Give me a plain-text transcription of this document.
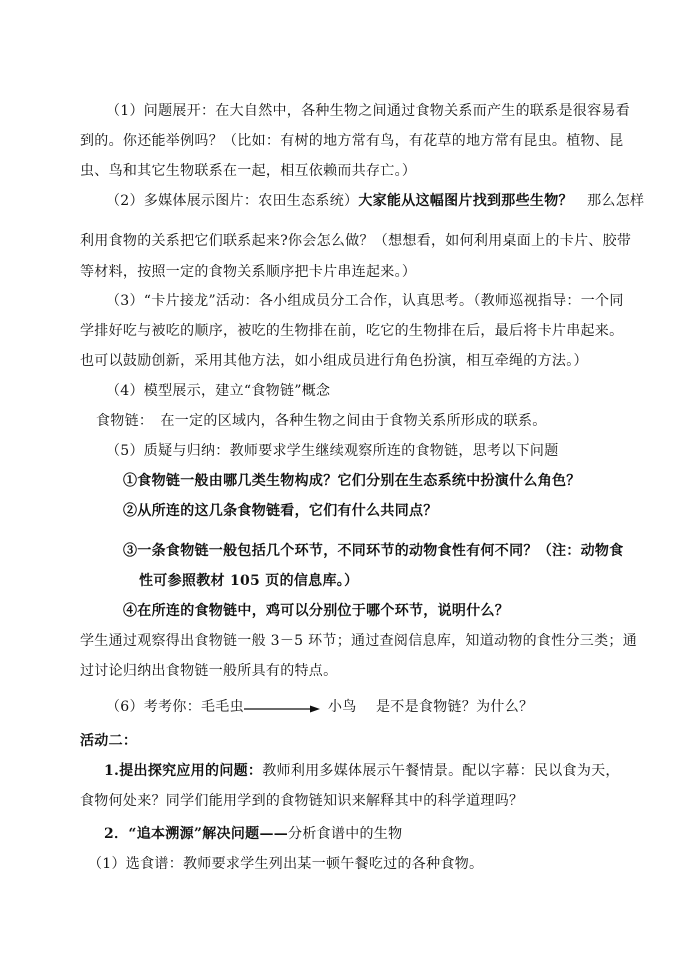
（1）问题展开：在大自然中，各种生物之间通过食物关系而产生的联系是很容易看
到的。你还能举例吗？（比如：有树的地方常有鸟，有花草的地方常有昆虫。植物、昆
虫、鸟和其它生物联系在一起，相互依赖而共存亡。）
（2）多媒体展示图片：农田生态系统）大家能从这幅图片找到那些生物？　那么怎样
利用食物的关系把它们联系起来?你会怎么做？（想想看，如何利用桌面上的卡片、胶带
等材料，按照一定的食物关系顺序把卡片串连起来。）
（3）“卡片接龙”活动：各小组成员分工合作，认真思考。（教师巡视指导：一个同
学排好吃与被吃的顺序，被吃的生物排在前，吃它的生物排在后，最后将卡片串起来。
也可以鼓励创新，采用其他方法，如小组成员进行角色扮演，相互牵绳的方法。）
（4）模型展示，建立“食物链”概念
食物链：　在一定的区域内，各种生物之间由于食物关系所形成的联系。
（5）质疑与归纳：教师要求学生继续观察所连的食物链，思考以下问题
①食物链一般由哪几类生物构成？它们分别在生态系统中扮演什么角色？
②从所连的这几条食物链看，它们有什么共同点？
③一条食物链一般包括几个环节，不同环节的动物食性有何不同？（注：动物食
性可参照教材 105 页的信息库。）
④在所连的食物链中，鸡可以分别位于哪个环节，说明什么？
学生通过观察得出食物链一般 3－5 环节；通过查阅信息库，知道动物的食性分三类；通
过讨论归纳出食物链一般所具有的特点。
（6）考考你：毛毛虫	小鸟 是不是食物链？为什么？
活动二：
1.提出探究应用的问题：教师利用多媒体展示午餐情景。配以字幕：民以食为天，
食物何处来？同学们能用学到的食物链知识来解释其中的科学道理吗？
2．“追本溯源”解决问题——分析食谱中的生物
（1）选食谱：教师要求学生列出某一顿午餐吃过的各种食物。
